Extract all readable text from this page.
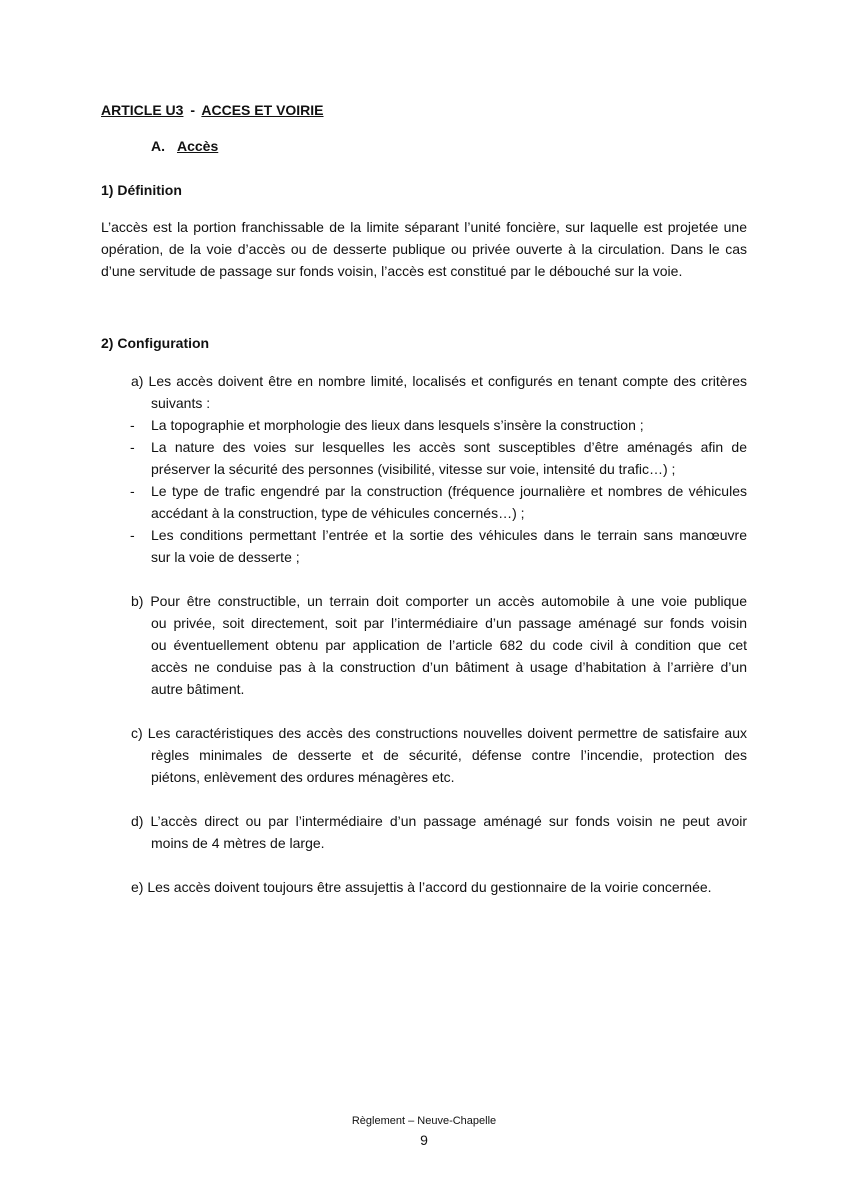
ARTICLE U3 - ACCES ET VOIRIE
A. Accès
1) Définition
L’accès est la portion franchissable de la limite séparant l’unité foncière, sur laquelle est projetée une
opération, de la voie d’accès ou de desserte publique ou privée ouverte à la circulation. Dans le cas
d’une servitude de passage sur fonds voisin, l’accès est constitué par le débouché sur la voie.
2) Configuration
a) Les accès doivent être en nombre limité, localisés et configurés en tenant compte des critères
suivants :
- La topographie et morphologie des lieux dans lesquels s’insère la construction ;
- La nature des voies sur lesquelles les accès sont susceptibles d’être aménagés afin de
préserver la sécurité des personnes (visibilité, vitesse sur voie, intensité du trafic…) ;
- Le type de trafic engendré par la construction (fréquence journalière et nombres de véhicules
accédant à la construction, type de véhicules concernés…) ;
- Les conditions permettant l’entrée et la sortie des véhicules dans le terrain sans manœuvre
sur la voie de desserte ;
b) Pour être constructible, un terrain doit comporter un accès automobile à une voie publique
ou privée, soit directement, soit par l’intermédiaire d’un passage aménagé sur fonds voisin
ou éventuellement obtenu par application de l’article 682 du code civil à condition que cet
accès ne conduise pas à la construction d’un bâtiment à usage d’habitation à l’arrière d’un
autre bâtiment.
c) Les caractéristiques des accès des constructions nouvelles doivent permettre de satisfaire aux
règles minimales de desserte et de sécurité, défense contre l’incendie, protection des
piétons, enlèvement des ordures ménagères etc.
d) L’accès direct ou par l’intermédiaire d’un passage aménagé sur fonds voisin ne peut avoir
moins de 4 mètres de large.
e) Les accès doivent toujours être assujettis à l’accord du gestionnaire de la voirie concernée.
Règlement – Neuve-Chapelle
9
